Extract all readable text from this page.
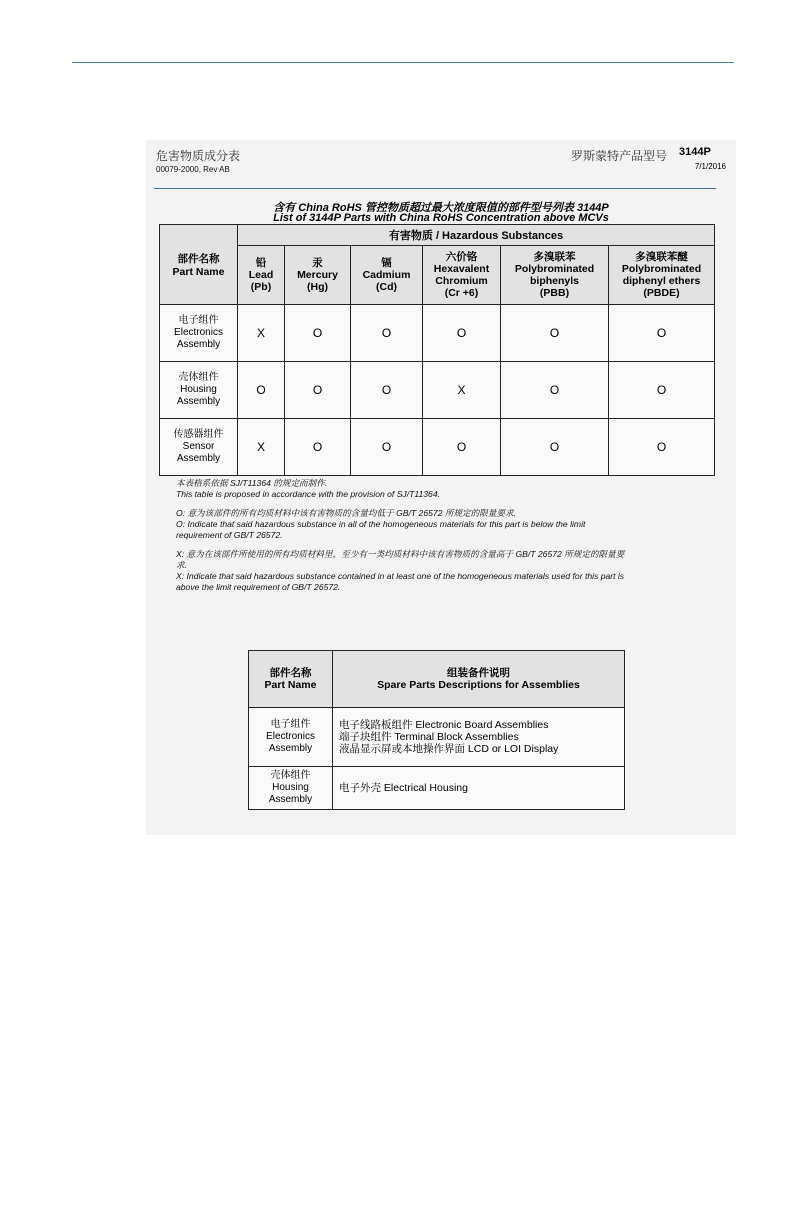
危害物质成分表
00079-2000, Rev AB
罗斯蒙特产品型号 3144P
7/1/2016
含有 China RoHS 管控物质超过最大浓度限值的部件型号列表 3144P
List of 3144P Parts with China RoHS Concentration above MCVs
部件名称
Part Name	有害物质 / Hazardous Substances					

	铅
Lead
(Pb)	汞
Mercury
(Hg)	镉
Cadmium
(Cd)	六价铬
Hexavalent Chromium
(Cr +6)	多溴联苯
Polybrominated biphenyls
(PBB)	多溴联苯醚
Polybrominated diphenyl ethers
(PBDE)

电子组件
Electronics
Assembly	X	O	O	O	O	O

壳体组件
Housing
Assembly	O	O	O	X	O	O

传感器组件
Sensor
Assembly	X	O	O	O	O	O

本表格系依据 SJ/T11364 的规定而制作.
This table is proposed in accordance with the provision of SJ/T11364.

O: 意为该部件的所有均质材料中该有害物质的含量均低于 GB/T 26572 所规定的限量要求.
O: Indicate that said hazardous substance in all of the homogeneous materials for this part is below the limit
requirement of GB/T 26572.

X: 意为在该部件所使用的所有均质材料里，至少有一类均质材料中该有害物质的含量高于 GB/T 26572 所规定的限量要
求.
X: Indicate that said hazardous substance contained in at least one of the homogeneous materials used for this part is
above the limit requirement of GB/T 26572.

部件名称
Part Name	组装备件说明
Spare Parts Descriptions for Assemblies

电子组件
Electronics
Assembly	电子线路板组件 Electronic Board Assemblies
端子块组件 Terminal Block Assemblies
液晶显示屏或本地操作界面 LCD or LOI Display

壳体组件
Housing
Assembly	电子外壳 Electrical Housing
